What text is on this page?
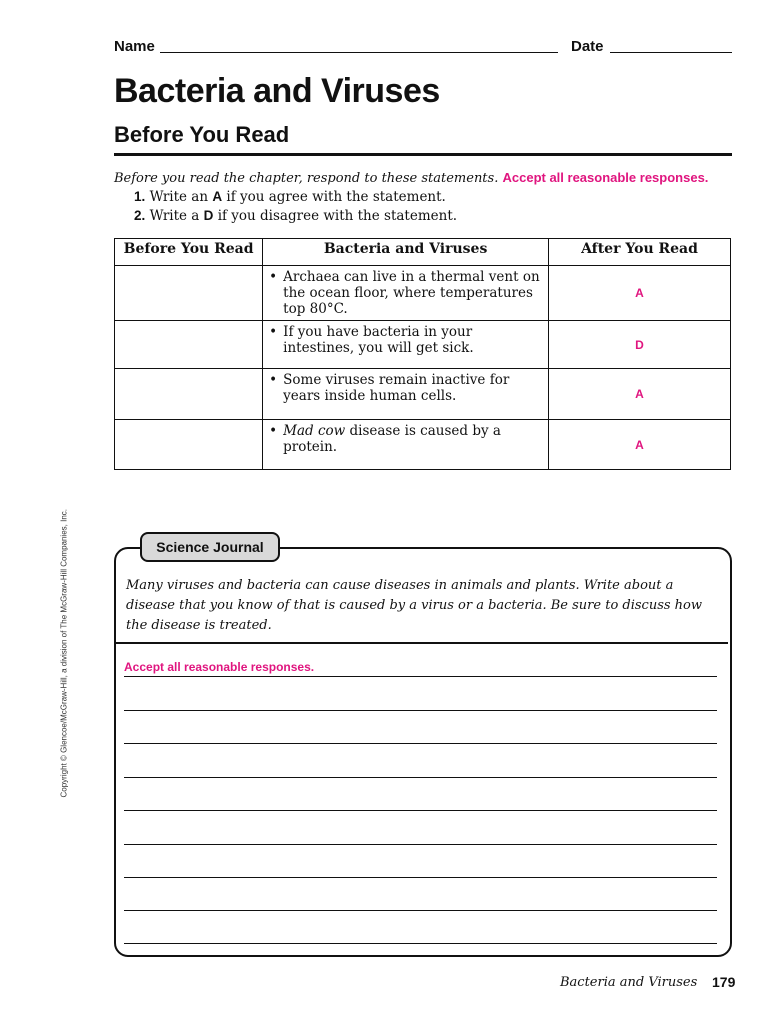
Name	Date
Bacteria and Viruses
Before You Read
Before you read the chapter, respond to these statements. Accept all reasonable responses.
1. Write an A if you agree with the statement.
2. Write a D if you disagree with the statement.
Before You Read	Bacteria and Viruses	After You Read

	• Archaea can live in a thermal vent on the ocean floor, where temperatures top 80°C.	A

	• If you have bacteria in your intestines, you will get sick.	D

	• Some viruses remain inactive for years inside human cells.	A

	• Mad cow disease is caused by a protein.	A
Science Journal
Many viruses and bacteria can cause diseases in animals and plants. Write about a disease that you know of that is caused by a virus or a bacteria. Be sure to discuss how the disease is treated.
Accept all reasonable responses.
Copyright © Glencoe/McGraw-Hill, a division of The McGraw-Hill Companies, Inc.
Bacteria and Viruses 179
